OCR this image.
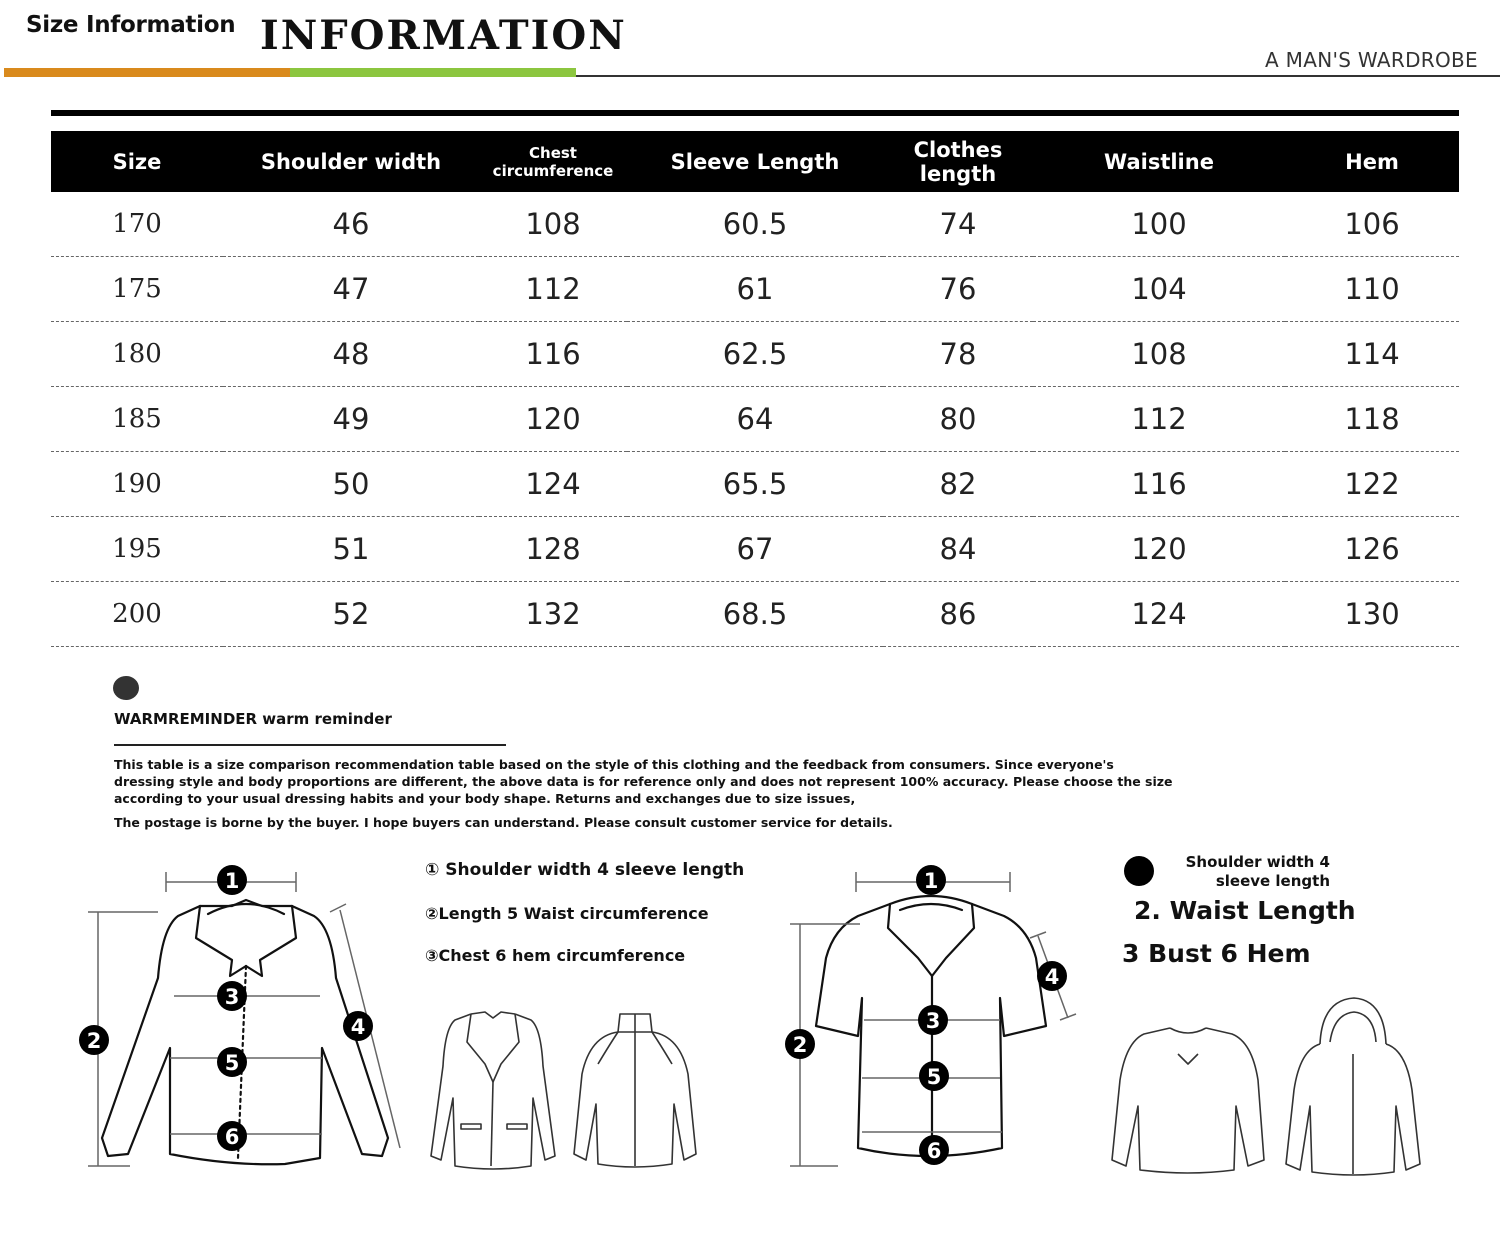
Size Information INFORMATION
A MAN'S WARDROBE
Size	Shoulder width	Chest circumference	Sleeve Length	Clothes length	Waistline	Hem
170	46	108	60.5	74	100	106
175	47	112	61	76	104	110
180	48	116	62.5	78	108	114
185	49	120	64	80	112	118
190	50	124	65.5	82	116	122
195	51	128	67	84	120	126
200	52	132	68.5	86	124	130
WARMREMINDER warm reminder
This table is a size comparison recommendation table based on the style of this clothing and the feedback from consumers. Since everyone's dressing style and body proportions are different, the above data is for reference only and does not represent 100% accuracy. Please choose the size according to your usual dressing habits and your body shape. Returns and exchanges due to size issues,
The postage is borne by the buyer. I hope buyers can understand. Please consult customer service for details.
① Shoulder width 4 sleeve length
②Length 5 Waist circumference
③Chest 6 hem circumference
Shoulder width 4 sleeve length
2. Waist Length
3 Bust 6 Hem
1
2
3
4
5
6
1
2
3
4
5
6
